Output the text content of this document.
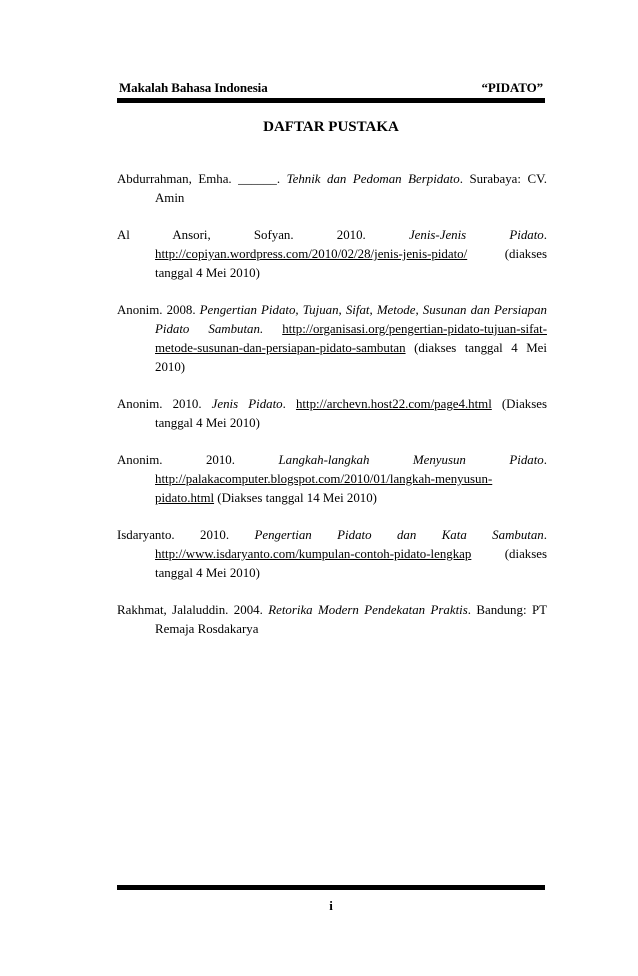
Makalah Bahasa Indonesia	“PIDATO”
DAFTAR PUSTAKA

Abdurrahman, Emha. ______. Tehnik dan Pedoman Berpidato. Surabaya: CV. Amin

Al Ansori, Sofyan. 2010. Jenis-Jenis Pidato. http://copiyan.wordpress.com/2010/02/28/jenis-jenis-pidato/ (diakses tanggal 4 Mei 2010)

Anonim. 2008. Pengertian Pidato, Tujuan, Sifat, Metode, Susunan dan Persiapan Pidato Sambutan. http://organisasi.org/pengertian-pidato-tujuan-sifat-metode-susunan-dan-persiapan-pidato-sambutan (diakses tanggal 4 Mei 2010)

Anonim. 2010. Jenis Pidato. http://archevn.host22.com/page4.html (Diakses tanggal 4 Mei 2010)

Anonim. 2010. Langkah-langkah Menyusun Pidato. http://palakacomputer.blogspot.com/2010/01/langkah-menyusun-pidato.html (Diakses tanggal 14 Mei 2010)

Isdaryanto. 2010. Pengertian Pidato dan Kata Sambutan. http://www.isdaryanto.com/kumpulan-contoh-pidato-lengkap (diakses tanggal 4 Mei 2010)

Rakhmat, Jalaluddin. 2004. Retorika Modern Pendekatan Praktis. Bandung: PT Remaja Rosdakarya

i
